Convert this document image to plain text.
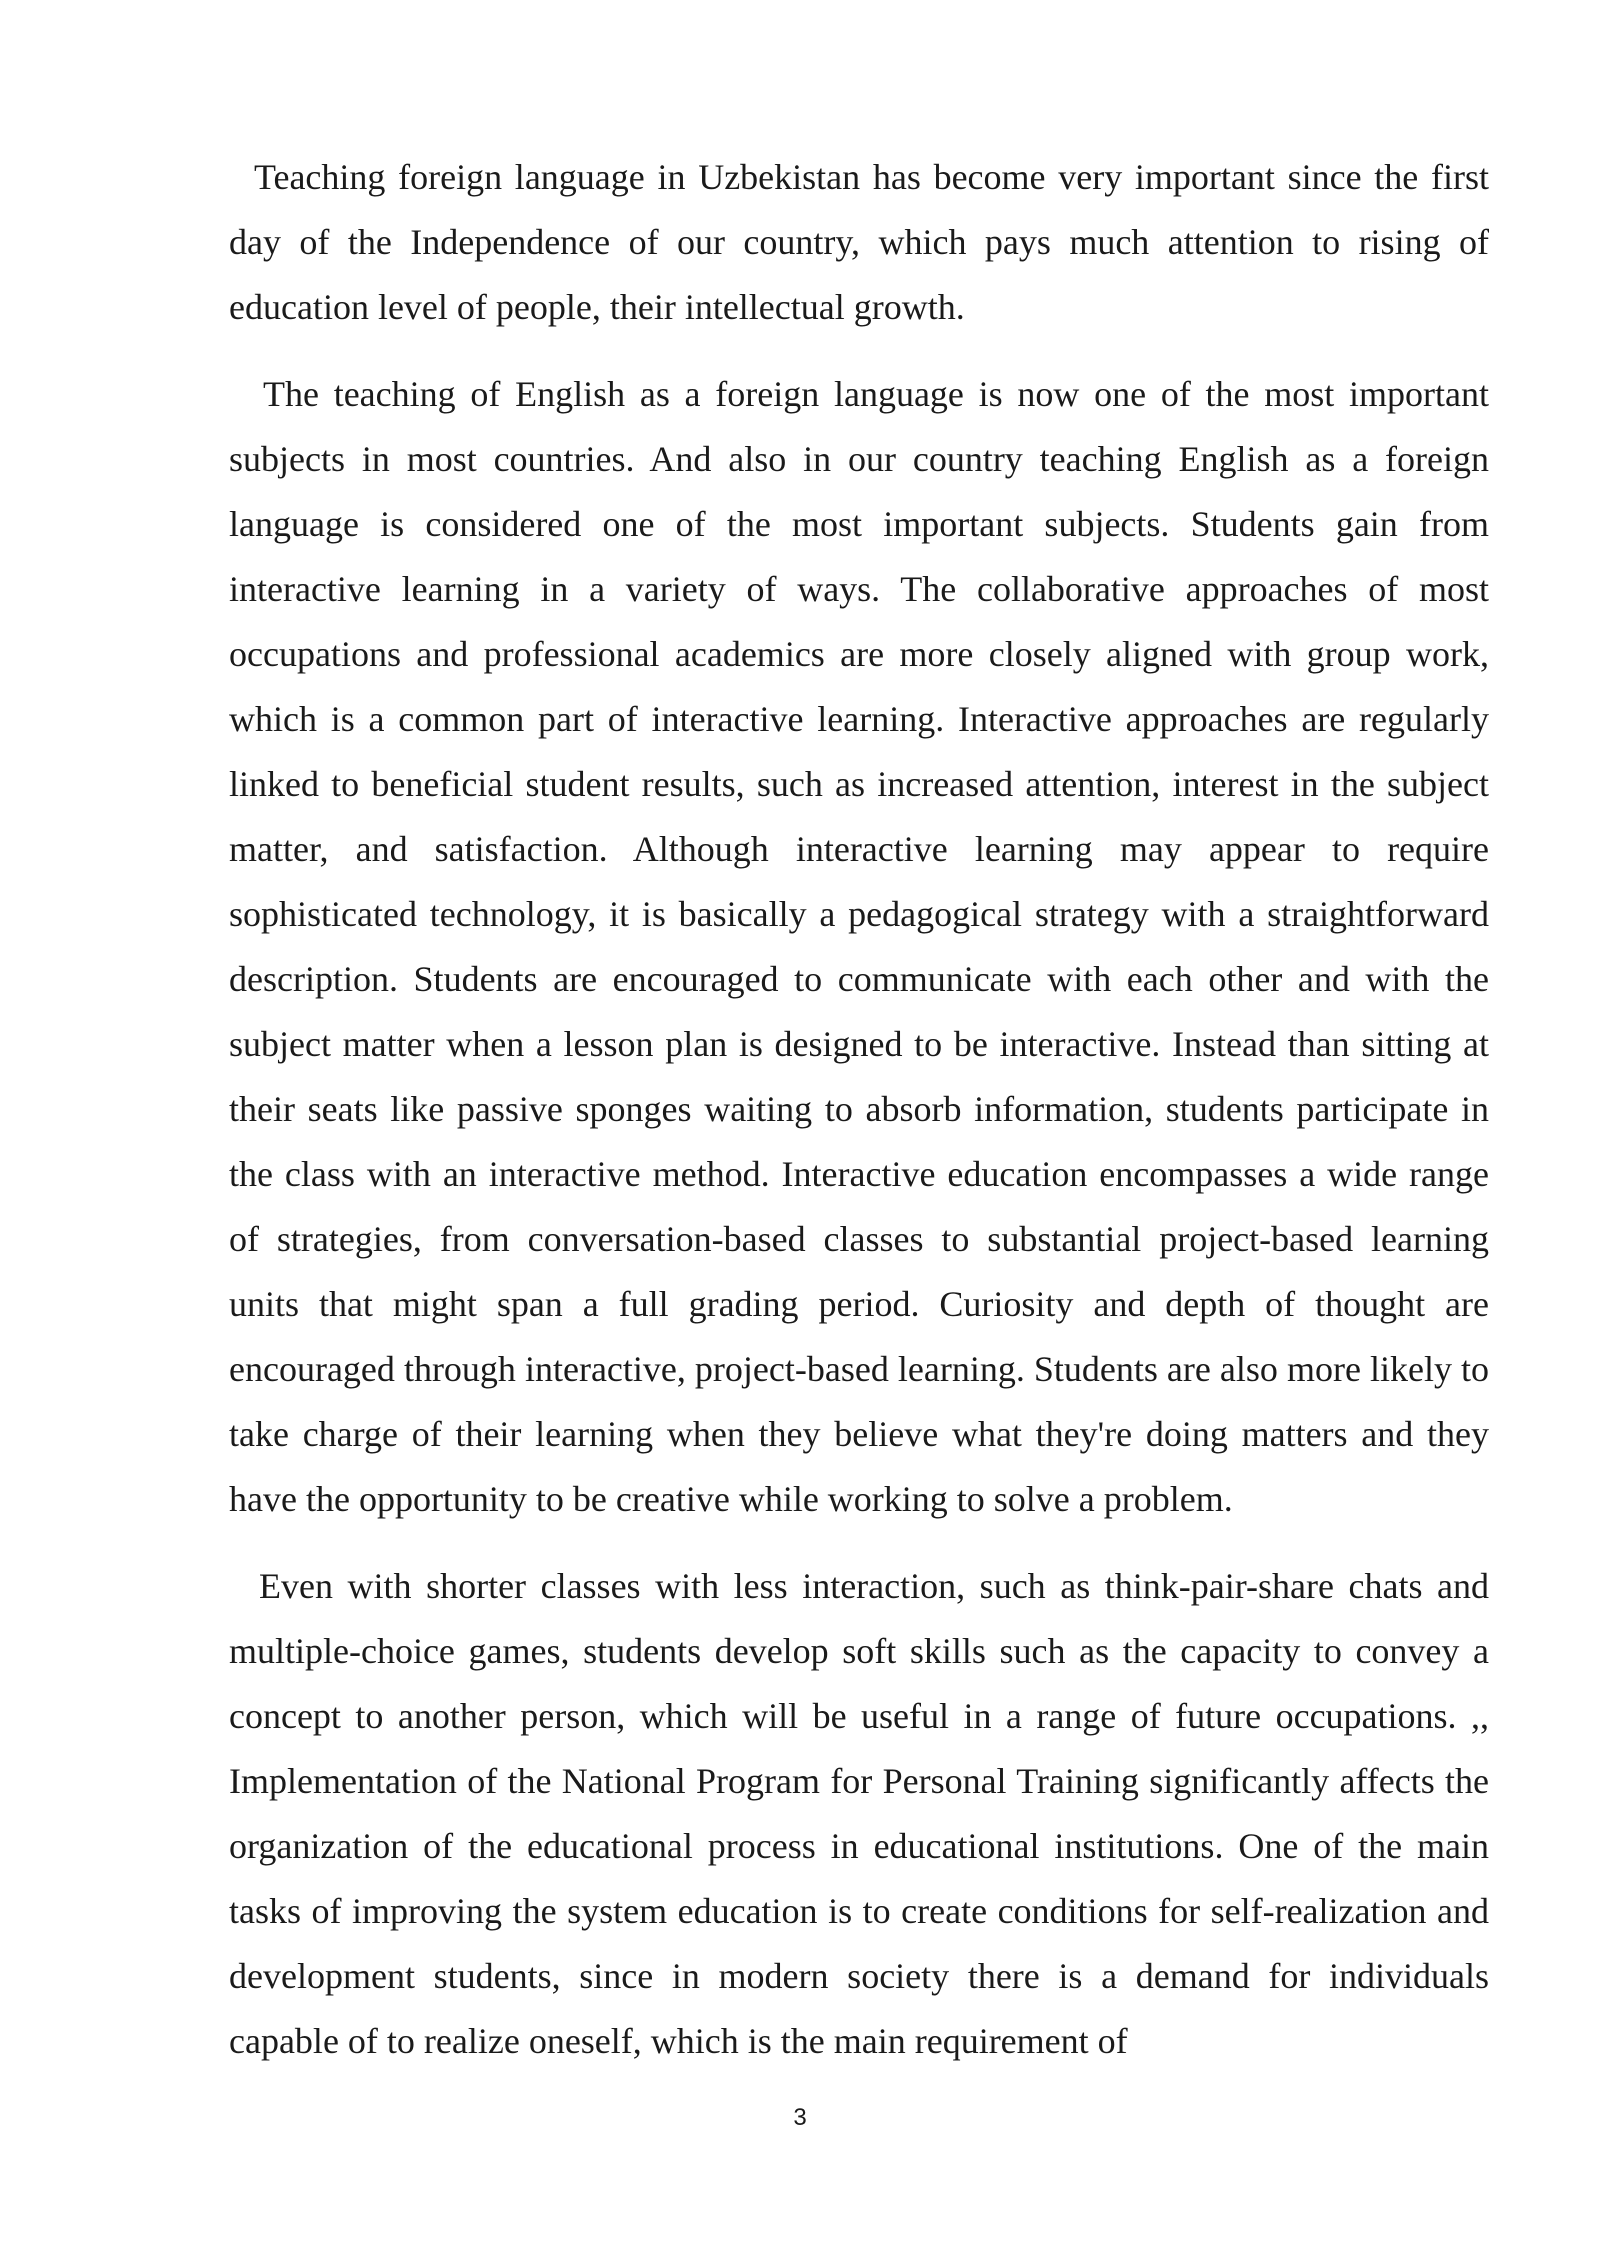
Teaching foreign language in Uzbekistan has become very important since the first day of the Independence of our country, which pays much attention to rising of education level of people, their intellectual growth.

The teaching of English as a foreign language is now one of the most important subjects in most countries. And also in our country teaching English as a foreign language is considered one of the most important subjects. Students gain from interactive learning in a variety of ways. The collaborative approaches of most occupations and professional academics are more closely aligned with group work, which is a common part of interactive learning. Interactive approaches are regularly linked to beneficial student results, such as increased attention, interest in the subject matter, and satisfaction. Although interactive learning may appear to require sophisticated technology, it is basically a pedagogical strategy with a straightforward description. Students are encouraged to communicate with each other and with the subject matter when a lesson plan is designed to be interactive. Instead than sitting at their seats like passive sponges waiting to absorb information, students participate in the class with an interactive method. Interactive education encompasses a wide range of strategies, from conversation-based classes to substantial project-based learning units that might span a full grading period. Curiosity and depth of thought are encouraged through interactive, project-based learning. Students are also more likely to take charge of their learning when they believe what they're doing matters and they have the opportunity to be creative while working to solve a problem.

Even with shorter classes with less interaction, such as think-pair-share chats and multiple-choice games, students develop soft skills such as the capacity to convey a concept to another person, which will be useful in a range of future occupations. ,, Implementation of the National Program for Personal Training significantly affects the organization of the educational process in educational institutions. One of the main tasks of improving the system education is to create conditions for self-realization and development students, since in modern society there is a demand for individuals capable of to realize oneself, which is the main requirement of

3
